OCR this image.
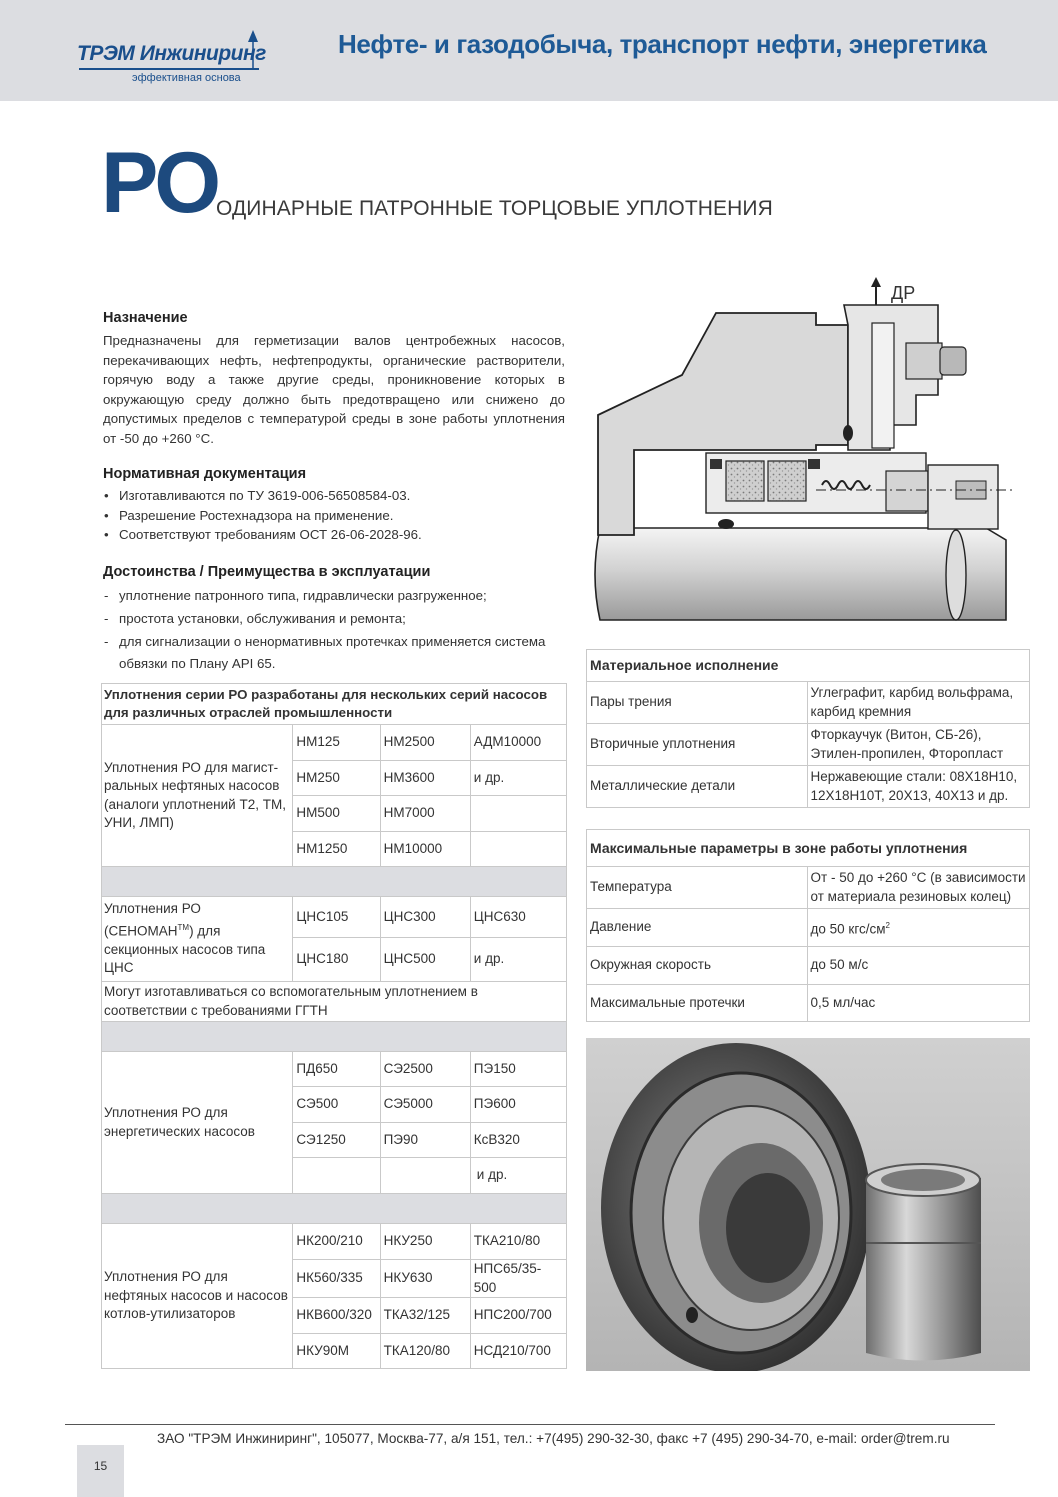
ТРЭМ Инжиниринг
эффективная основа
Нефте- и газодобыча, транспорт нефти, энергетика
РО
ОДИНАРНЫЕ ПАТРОННЫЕ ТОРЦОВЫЕ УПЛОТНЕНИЯ
Назначение
Предназначены для герметизации валов центробежных насосов, перекачивающих нефть, нефтепродукты, органические растворители, горячую воду а также другие среды, проникновение которых в окружающую среду должно быть предотвращено или снижено до допустимых пределов с температурой среды в зоне работы уплотнения от -50 до +260 °С.
Нормативная документация
• Изготавливаются по ТУ 3619-006-56508584-03.
• Разрешение Ростехнадзора на применение.
• Соответствуют требованиям ОСТ 26-06-2028-96.
Достоинства / Преимущества в эксплуатации
- уплотнение патронного типа, гидравлически разгруженное;
- простота установки, обслуживания и ремонта;
- для сигнализации о ненормативных протечках применяется система обвязки по Плану API 65.
Уплотнения серии РО разработаны для нескольких серий насосов для различных отраслей промышленности			
Уплотнения РО для магист-ральных нефтяных насосов (аналоги уплотнений Т2, ТМ, УНИ, ЛМП)	НМ125	НМ2500	АДМ10000
	НМ250	НМ3600	и др.
	НМ500	НМ7000	
	НМ1250	НМ10000	

Уплотнения РО (СЕНОМАН™) для секционных насосов типа ЦНС	ЦНС105	ЦНС300	ЦНС630
	ЦНС180	ЦНС500	и др.
Могут изготавливаться со вспомогательным уплотнением в соответствии с требованиями ГГТН			

Уплотнения РО для энергетических насосов	ПД650	СЭ2500	ПЭ150
	СЭ500	СЭ5000	ПЭ600
	СЭ1250	ПЭ90	КсВ320
			и др.

Уплотнения РО для нефтяных насосов и насосов котлов-утилизаторов	НК200/210	НКУ250	ТКА210/80
	НК560/335	НКУ630	НПС65/35-500
	НКВ600/320	ТКА32/125	НПС200/700
	НКУ90М	ТКА120/80	НСД210/700
ДР
Материальное исполнение	
Пары трения	Углеграфит, карбид вольфрама, карбид кремния
Вторичные уплотнения	Фторкаучук (Витон, СБ-26), Этилен-пропилен, Фторопласт
Металлические детали	Нержавеющие стали: 08Х18Н10, 12Х18Н10Т, 20Х13, 40Х13 и др.
Максимальные параметры в зоне работы уплотнения	
Температура	От - 50 до +260 °С (в зависимости от материала резиновых колец)
Давление	до 50 кгс/$см^2$
Окружная скорость	до 50 м/с
Максимальные протечки	0,5 мл/час
ЗАО "ТРЭМ Инжиниринг", 105077, Москва-77, а/я 151, тел.: +7(495) 290-32-30, факс +7 (495) 290-34-70, e-mail: order@trem.ru
15
